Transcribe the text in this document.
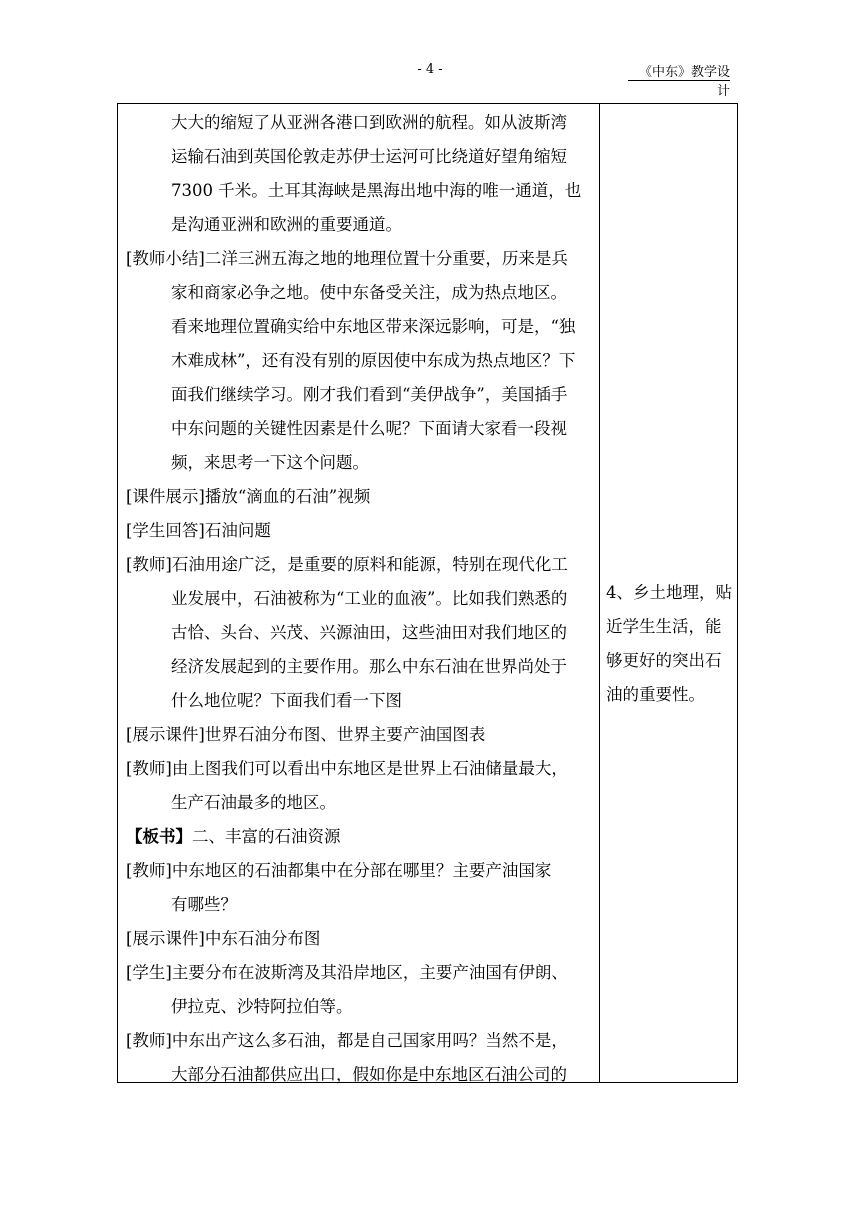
- 4 -	《中东》教学设计
大大的缩短了从亚洲各港口到欧洲的航程。如从波斯湾
运输石油到英国伦敦走苏伊士运河可比绕道好望角缩短
7300 千米。土耳其海峡是黑海出地中海的唯一通道，也
是沟通亚洲和欧洲的重要通道。
[教师小结]二洋三洲五海之地的地理位置十分重要，历来是兵
家和商家必争之地。使中东备受关注，成为热点地区。
看来地理位置确实给中东地区带来深远影响，可是，“独
木难成林”，还有没有别的原因使中东成为热点地区？下
面我们继续学习。刚才我们看到“美伊战争”，美国插手
中东问题的关键性因素是什么呢？下面请大家看一段视
频，来思考一下这个问题。
[课件展示]播放“滴血的石油”视频
[学生回答]石油问题
[教师]石油用途广泛，是重要的原料和能源，特别在现代化工
业发展中，石油被称为“工业的血液”。比如我们熟悉的
古恰、头台、兴茂、兴源油田，这些油田对我们地区的
经济发展起到的主要作用。那么中东石油在世界尚处于
什么地位呢？下面我们看一下图
[展示课件]世界石油分布图、世界主要产油国图表
[教师]由上图我们可以看出中东地区是世界上石油储量最大，
生产石油最多的地区。
【板书】二、丰富的石油资源
[教师]中东地区的石油都集中在分部在哪里？主要产油国家
有哪些？
[展示课件]中东石油分布图
[学生]主要分布在波斯湾及其沿岸地区，主要产油国有伊朗、
伊拉克、沙特阿拉伯等。
[教师]中东出产这么多石油，都是自己国家用吗？当然不是，
大部分石油都供应出口，假如你是中东地区石油公司的
4、乡土地理，贴
近学生生活，能
够更好的突出石
油的重要性。
